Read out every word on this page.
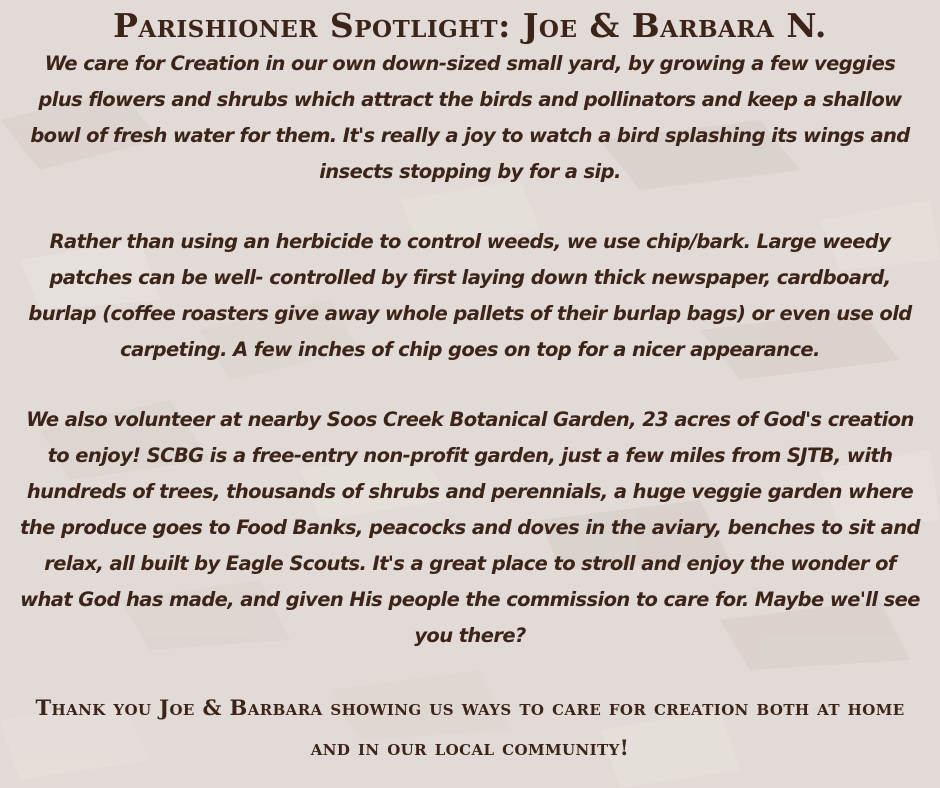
Parishioner Spotlight: Joe & Barbara N.

We care for Creation in our own down-sized small yard, by growing a few veggies plus flowers and shrubs which attract the birds and pollinators and keep a shallow bowl of fresh water for them. It's really a joy to watch a bird splashing its wings and insects stopping by for a sip.

Rather than using an herbicide to control weeds, we use chip/bark. Large weedy patches can be well- controlled by first laying down thick newspaper, cardboard, burlap (coffee roasters give away whole pallets of their burlap bags) or even use old carpeting. A few inches of chip goes on top for a nicer appearance.

We also volunteer at nearby Soos Creek Botanical Garden, 23 acres of God's creation to enjoy! SCBG is a free-entry non-profit garden, just a few miles from SJTB, with hundreds of trees, thousands of shrubs and perennials, a huge veggie garden where the produce goes to Food Banks, peacocks and doves in the aviary, benches to sit and relax, all built by Eagle Scouts. It's a great place to stroll and enjoy the wonder of what God has made, and given His people the commission to care for. Maybe we'll see you there?

Thank you Joe & Barbara showing us ways to care for creation both at home and in our local community!
